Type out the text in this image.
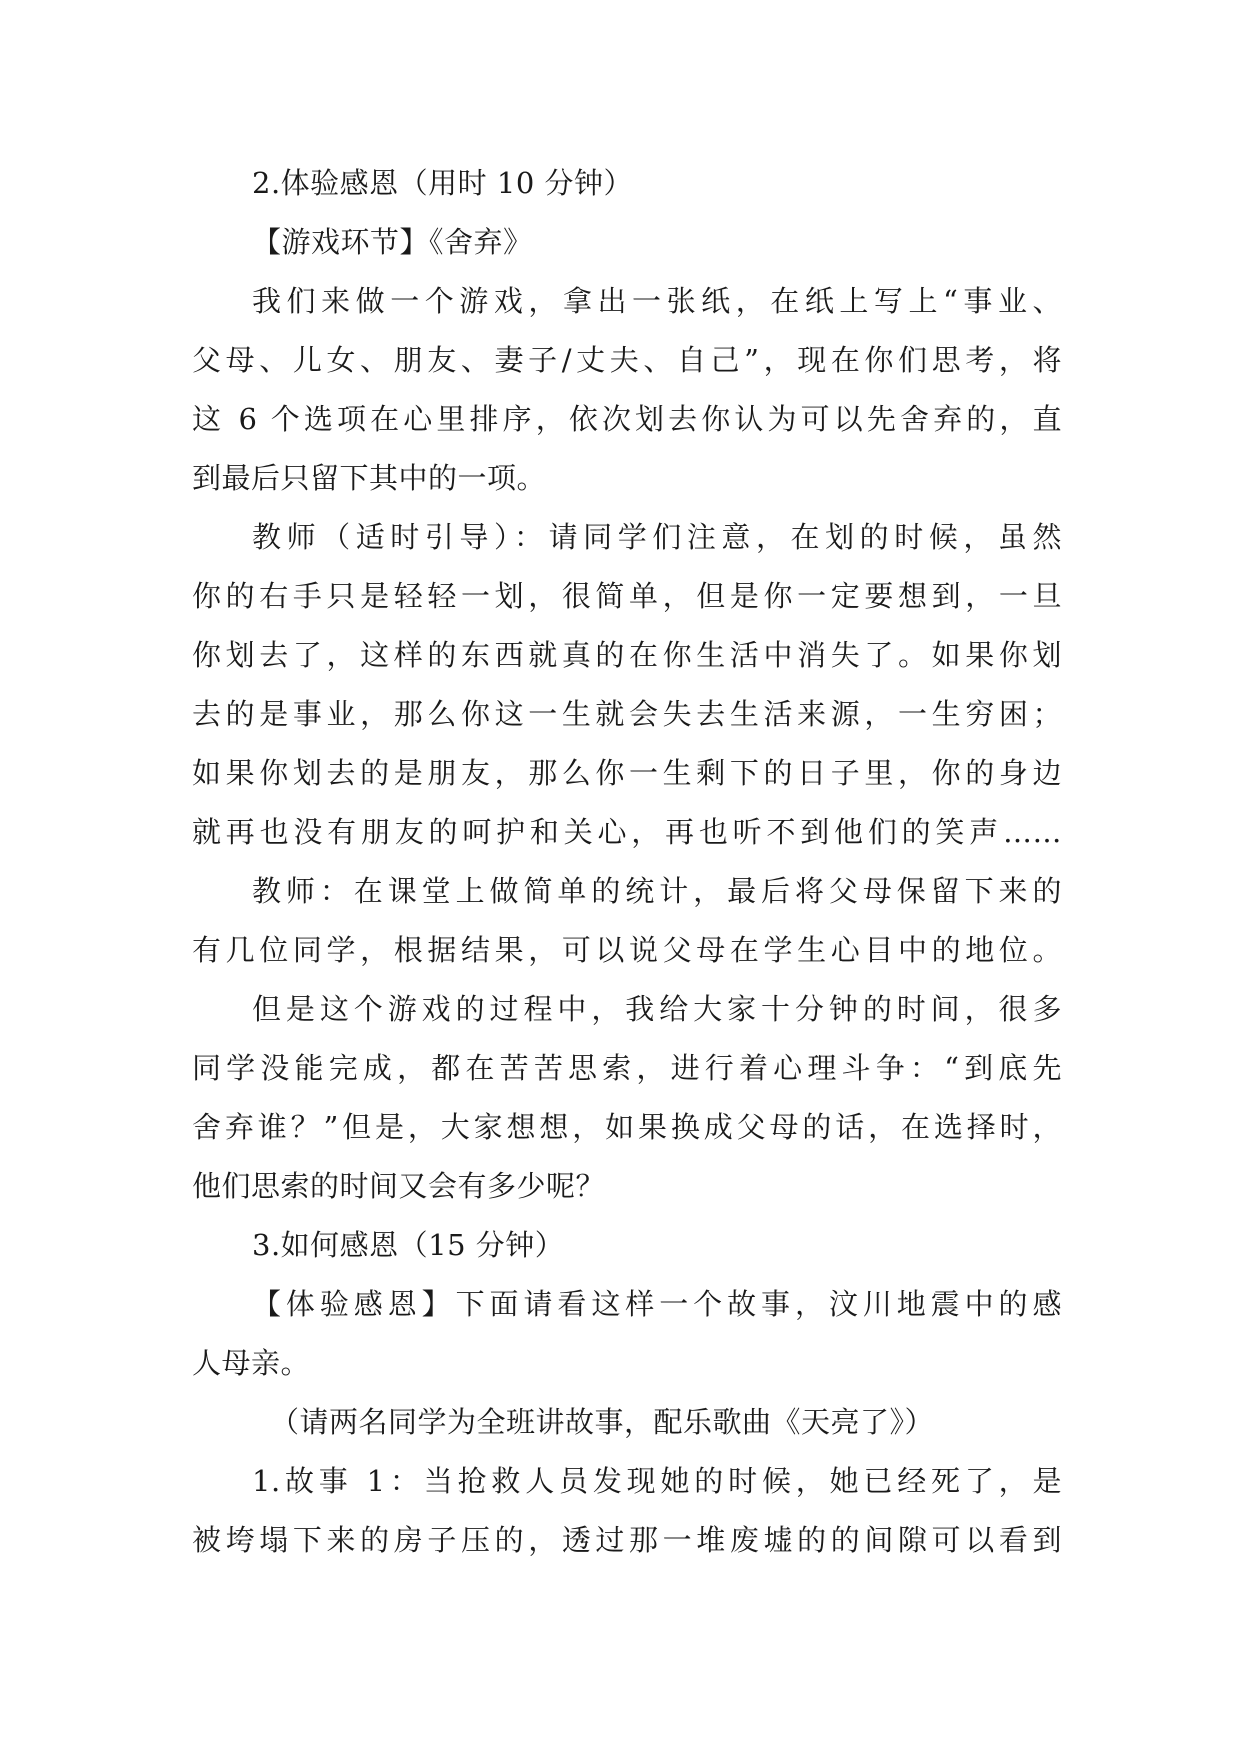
2.体验感恩（用时 10 分钟）
【游戏环节】《舍弃》
我们来做一个游戏，拿出一张纸，在纸上写上“事业、
父母、儿女、朋友、妻子/丈夫、自己”，现在你们思考，将
这 6 个选项在心里排序，依次划去你认为可以先舍弃的，直
到最后只留下其中的一项。
教师（适时引导）：请同学们注意，在划的时候，虽然
你的右手只是轻轻一划，很简单，但是你一定要想到，一旦
你划去了，这样的东西就真的在你生活中消失了。如果你划
去的是事业，那么你这一生就会失去生活来源，一生穷困；
如果你划去的是朋友，那么你一生剩下的日子里，你的身边
就再也没有朋友的呵护和关心，再也听不到他们的笑声……
教师：在课堂上做简单的统计，最后将父母保留下来的
有几位同学，根据结果，可以说父母在学生心目中的地位。
但是这个游戏的过程中，我给大家十分钟的时间，很多
同学没能完成，都在苦苦思索，进行着心理斗争：“到底先
舍弃谁？”但是，大家想想，如果换成父母的话，在选择时，
他们思索的时间又会有多少呢？
3.如何感恩（15 分钟）
【体验感恩】下面请看这样一个故事，汶川地震中的感
人母亲。
（请两名同学为全班讲故事，配乐歌曲《天亮了》）
1.故事 1：当抢救人员发现她的时候，她已经死了，是
被垮塌下来的房子压的，透过那一堆废墟的的间隙可以看到
